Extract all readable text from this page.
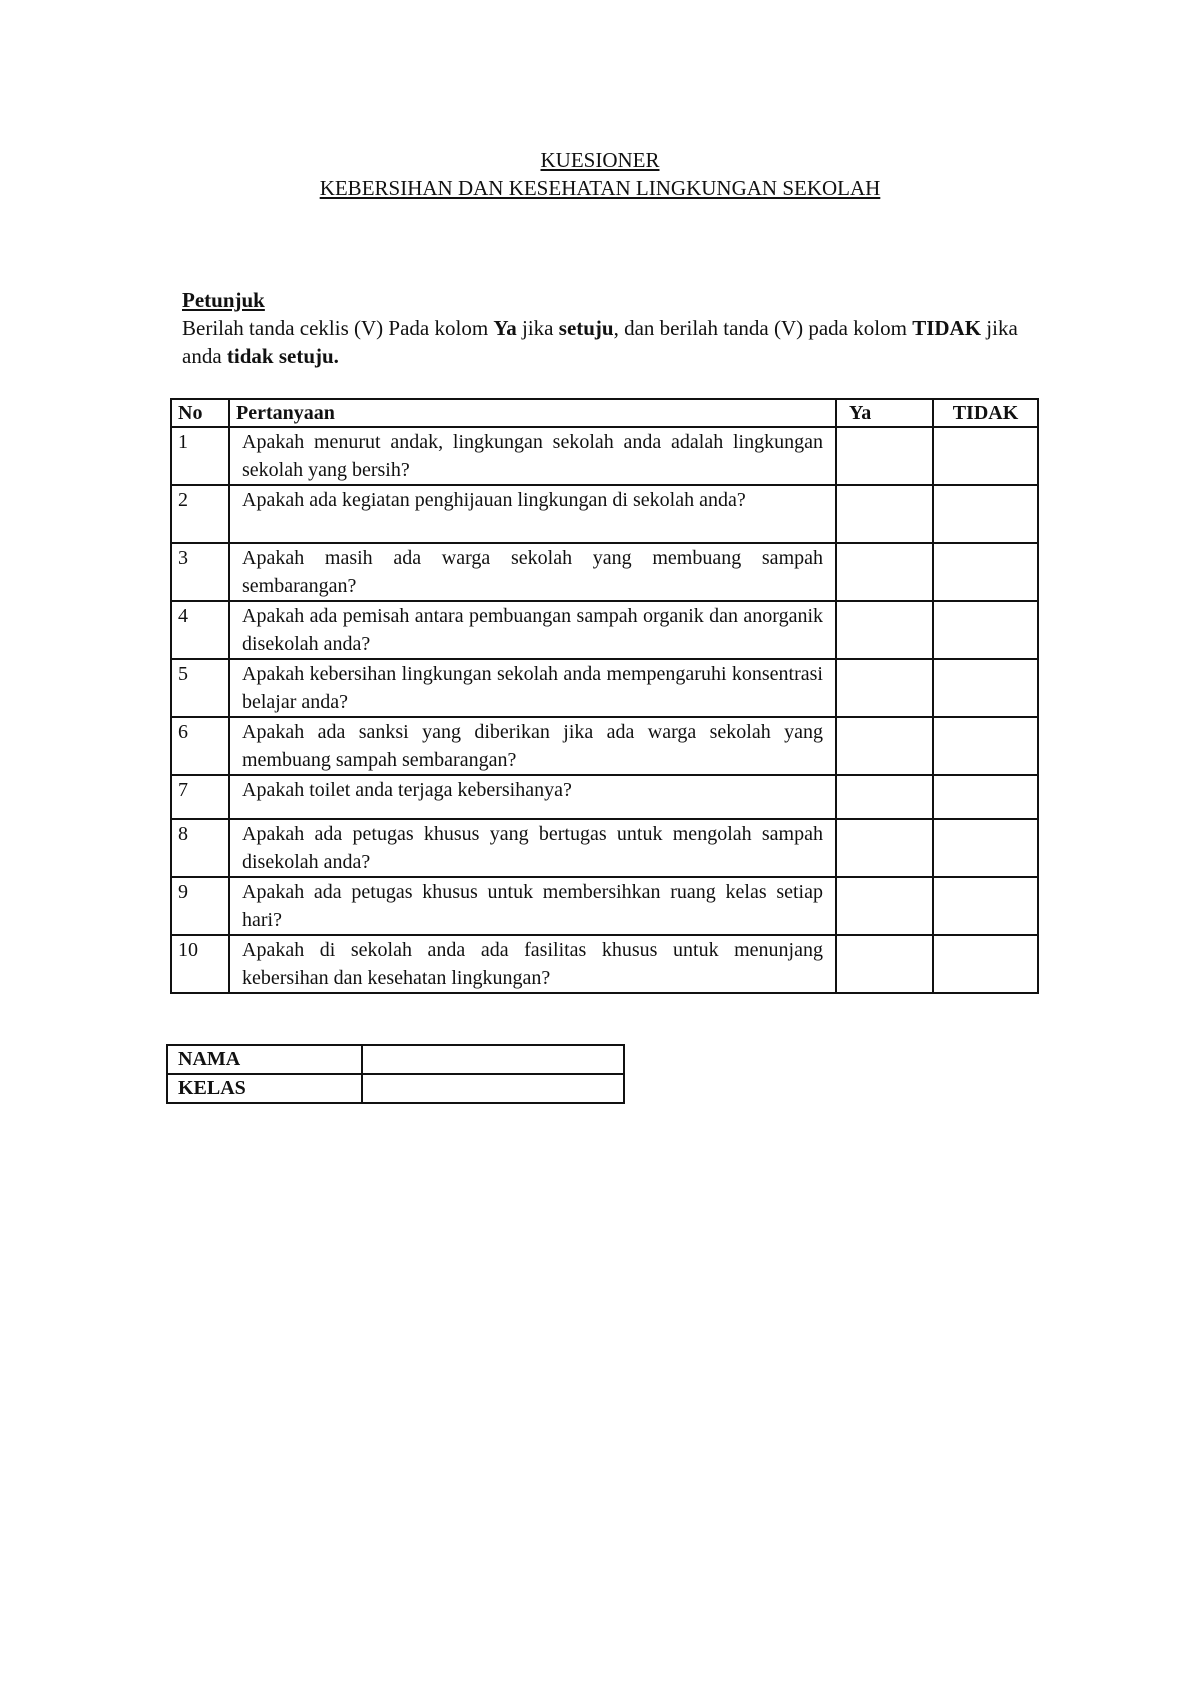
KUESIONER
KEBERSIHAN DAN KESEHATAN LINGKUNGAN SEKOLAH
Petunjuk
Berilah tanda ceklis (V) Pada kolom Ya jika setuju, dan berilah tanda (V) pada kolom TIDAK jika anda tidak setuju.
No	Pertanyaan	Ya	TIDAK
1	Apakah menurut andak, lingkungan sekolah anda adalah lingkungan sekolah yang bersih?		
2	Apakah ada kegiatan penghijauan lingkungan di sekolah anda?		
3	Apakah masih ada warga sekolah yang membuang sampah sembarangan?		
4	Apakah ada pemisah antara pembuangan sampah organik dan anorganik disekolah anda?		
5	Apakah kebersihan lingkungan sekolah anda mempengaruhi konsentrasi belajar anda?		
6	Apakah ada sanksi yang diberikan jika ada warga sekolah yang membuang sampah sembarangan?		
7	Apakah toilet anda terjaga kebersihanya?		
8	Apakah ada petugas khusus yang bertugas untuk mengolah sampah disekolah anda?		
9	Apakah ada petugas khusus untuk membersihkan ruang kelas setiap hari?		
10	Apakah di sekolah anda ada fasilitas khusus untuk menunjang kebersihan dan kesehatan lingkungan?		
NAMA	
KELAS	
